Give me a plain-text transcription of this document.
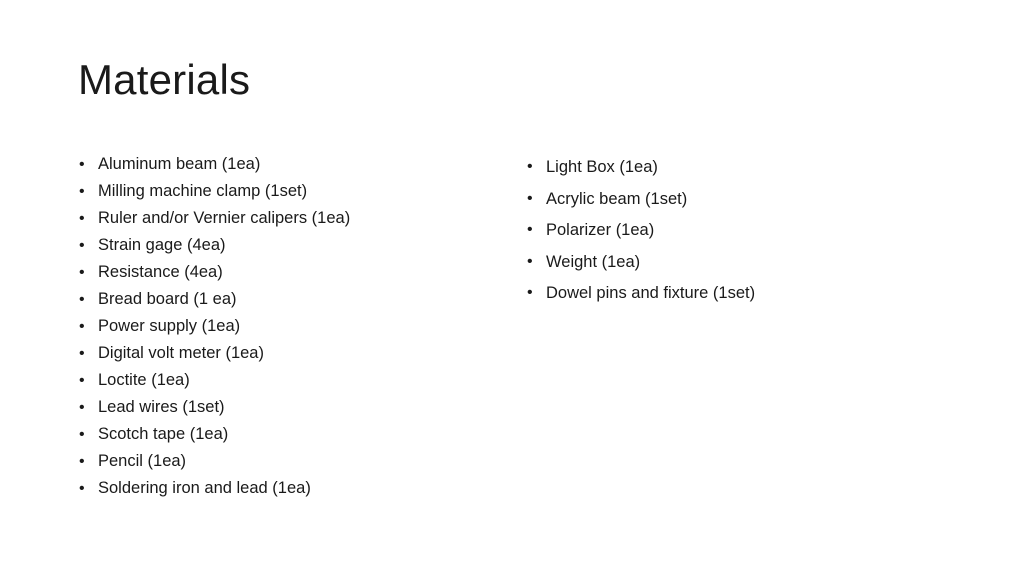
Materials
• Aluminum beam (1ea)
• Milling machine clamp (1set)
• Ruler and/or Vernier calipers (1ea)
• Strain gage (4ea)
• Resistance (4ea)
• Bread board (1 ea)
• Power supply (1ea)
• Digital volt meter (1ea)
• Loctite (1ea)
• Lead wires (1set)
• Scotch tape (1ea)
• Pencil (1ea)
• Soldering iron and lead (1ea)
• Light Box (1ea)
• Acrylic beam (1set)
• Polarizer (1ea)
• Weight (1ea)
• Dowel pins and fixture (1set)
